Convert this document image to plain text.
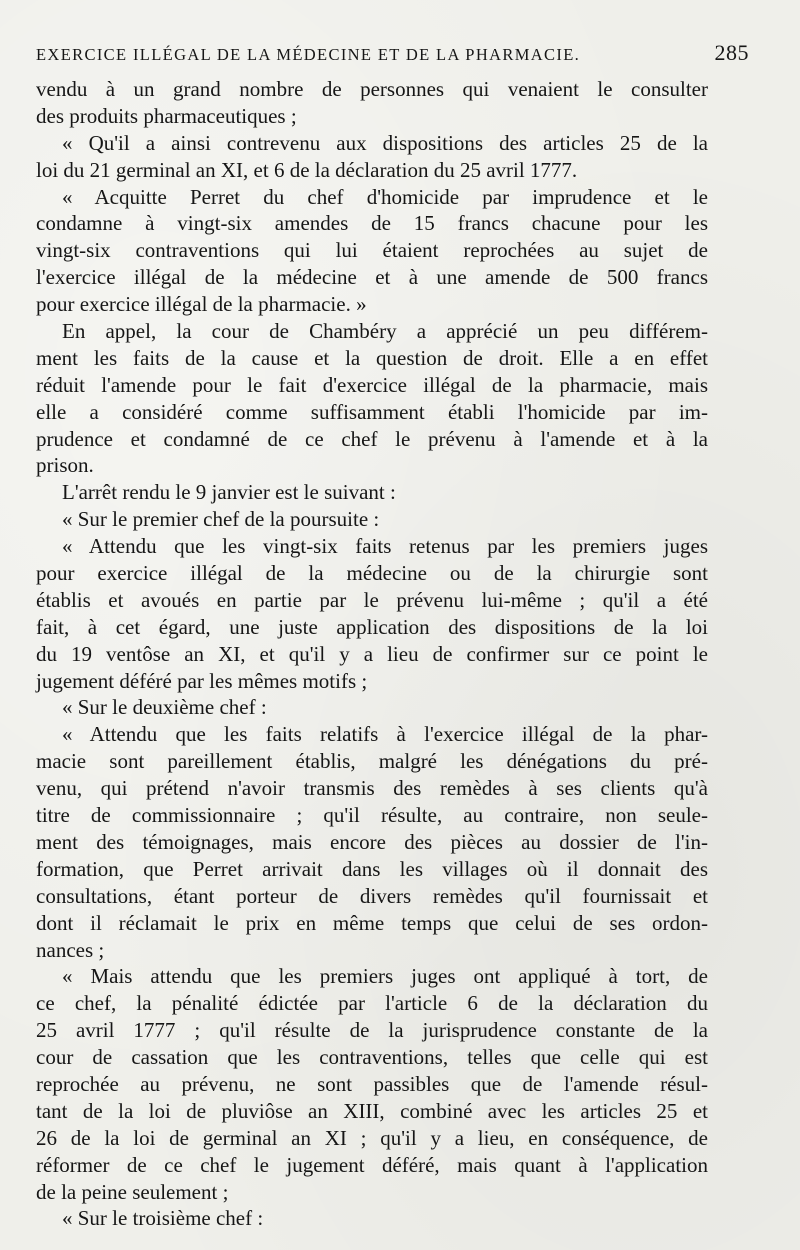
EXERCICE ILLÉGAL DE LA MÉDECINE ET DE LA PHARMACIE.	285
vendu à un grand nombre de personnes qui venaient le consulter
des produits pharmaceutiques ;
« Qu'il a ainsi contrevenu aux dispositions des articles 25 de la
loi du 21 germinal an XI, et 6 de la déclaration du 25 avril 1777.
« Acquitte Perret du chef d'homicide par imprudence et le
condamne à vingt-six amendes de 15 francs chacune pour les
vingt-six contraventions qui lui étaient reprochées au sujet de
l'exercice illégal de la médecine et à une amende de 500 francs
pour exercice illégal de la pharmacie. »
En appel, la cour de Chambéry a apprécié un peu différem-
ment les faits de la cause et la question de droit. Elle a en effet
réduit l'amende pour le fait d'exercice illégal de la pharmacie, mais
elle a considéré comme suffisamment établi l'homicide par im-
prudence et condamné de ce chef le prévenu à l'amende et à la
prison.
L'arrêt rendu le 9 janvier est le suivant :
« Sur le premier chef de la poursuite :
« Attendu que les vingt-six faits retenus par les premiers juges
pour exercice illégal de la médecine ou de la chirurgie sont
établis et avoués en partie par le prévenu lui-même ; qu'il a été
fait, à cet égard, une juste application des dispositions de la loi
du 19 ventôse an XI, et qu'il y a lieu de confirmer sur ce point le
jugement déféré par les mêmes motifs ;
« Sur le deuxième chef :
« Attendu que les faits relatifs à l'exercice illégal de la phar-
macie sont pareillement établis, malgré les dénégations du pré-
venu, qui prétend n'avoir transmis des remèdes à ses clients qu'à
titre de commissionnaire ; qu'il résulte, au contraire, non seule-
ment des témoignages, mais encore des pièces au dossier de l'in-
formation, que Perret arrivait dans les villages où il donnait des
consultations, étant porteur de divers remèdes qu'il fournissait et
dont il réclamait le prix en même temps que celui de ses ordon-
nances ;
« Mais attendu que les premiers juges ont appliqué à tort, de
ce chef, la pénalité édictée par l'article 6 de la déclaration du
25 avril 1777 ; qu'il résulte de la jurisprudence constante de la
cour de cassation que les contraventions, telles que celle qui est
reprochée au prévenu, ne sont passibles que de l'amende résul-
tant de la loi de pluviôse an XIII, combiné avec les articles 25 et
26 de la loi de germinal an XI ; qu'il y a lieu, en conséquence, de
réformer de ce chef le jugement déféré, mais quant à l'application
de la peine seulement ;
« Sur le troisième chef :
